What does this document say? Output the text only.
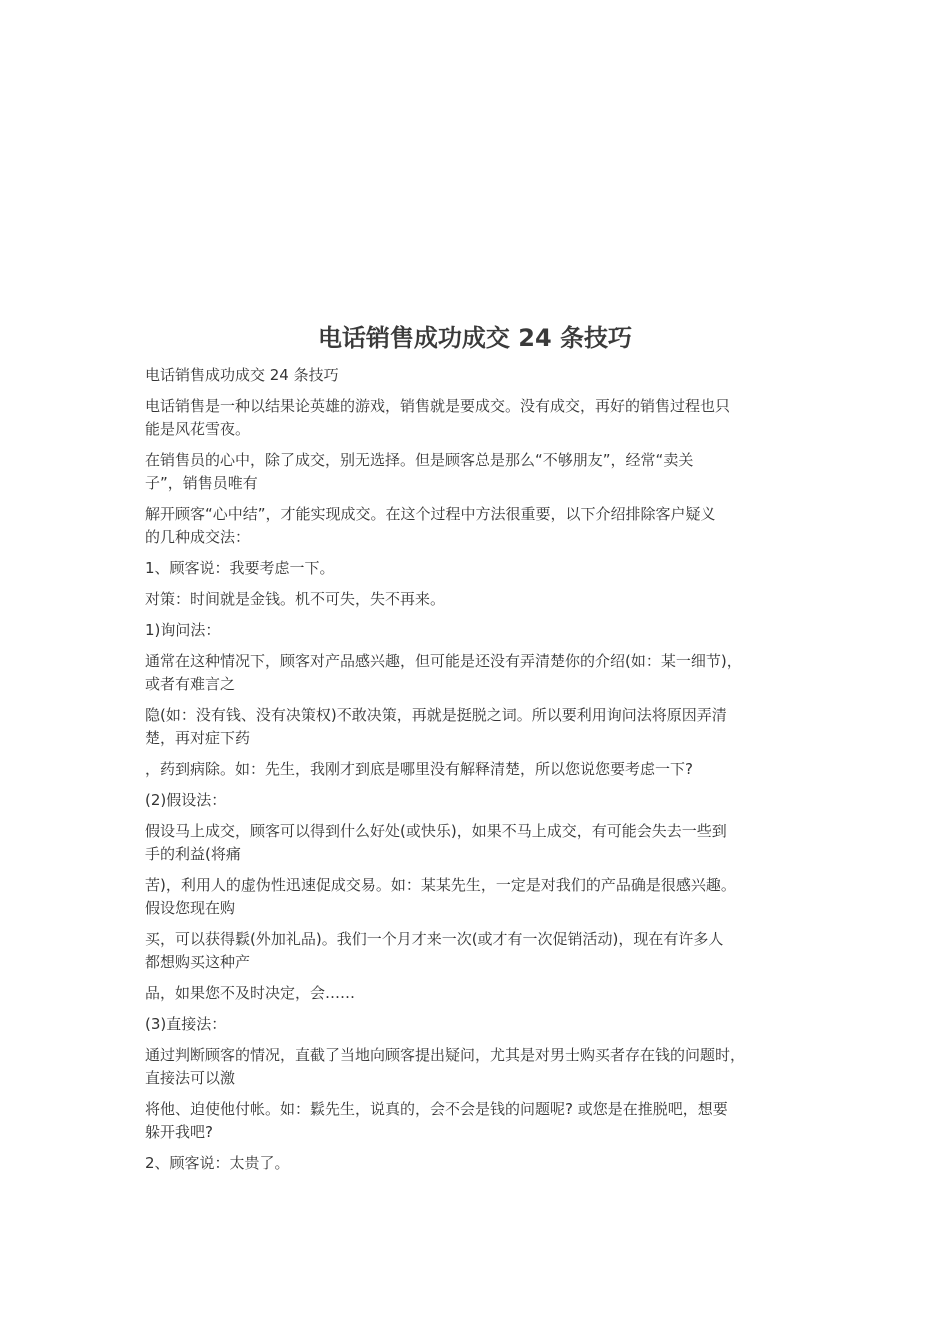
电话销售成功成交 24 条技巧

电话销售成功成交 24 条技巧

电话销售是一种以结果论英雄的游戏，销售就是要成交。没有成交，再好的销售过程也只
能是风花雪夜。

在销售员的心中，除了成交，别无选择。但是顾客总是那么“不够朋友”，经常“卖关
子”，销售员唯有

解开顾客“心中结”，才能实现成交。在这个过程中方法很重要，以下介绍排除客户疑义
的几种成交法：

1、顾客说：我要考虑一下。

对策：时间就是金钱。机不可失，失不再来。

1)询问法：

通常在这种情况下，顾客对产品感兴趣，但可能是还没有弄清楚你的介绍(如：某一细节)，
或者有难言之

隐(如：没有钱、没有决策权)不敢决策，再就是挺脱之词。所以要利用询问法将原因弄清
楚，再对症下药

，药到病除。如：先生，我刚才到底是哪里没有解释清楚，所以您说您要考虑一下?

(2)假设法：

假设马上成交，顾客可以得到什么好处(或快乐)，如果不马上成交，有可能会失去一些到
手的利益(将痛

苦)，利用人的虚伪性迅速促成交易。如：某某先生，一定是对我们的产品确是很感兴趣。
假设您现在购

买，可以获得鬏(外加礼品)。我们一个月才来一次(或才有一次促销活动)，现在有许多人
都想购买这种产

品，如果您不及时决定，会……

(3)直接法：

通过判断顾客的情况，直截了当地向顾客提出疑问，尤其是对男士购买者存在钱的问题时，
直接法可以激

将他、迫使他付帐。如：鬏先生，说真的，会不会是钱的问题呢? 或您是在推脱吧，想要
躲开我吧?

2、顾客说：太贵了。
